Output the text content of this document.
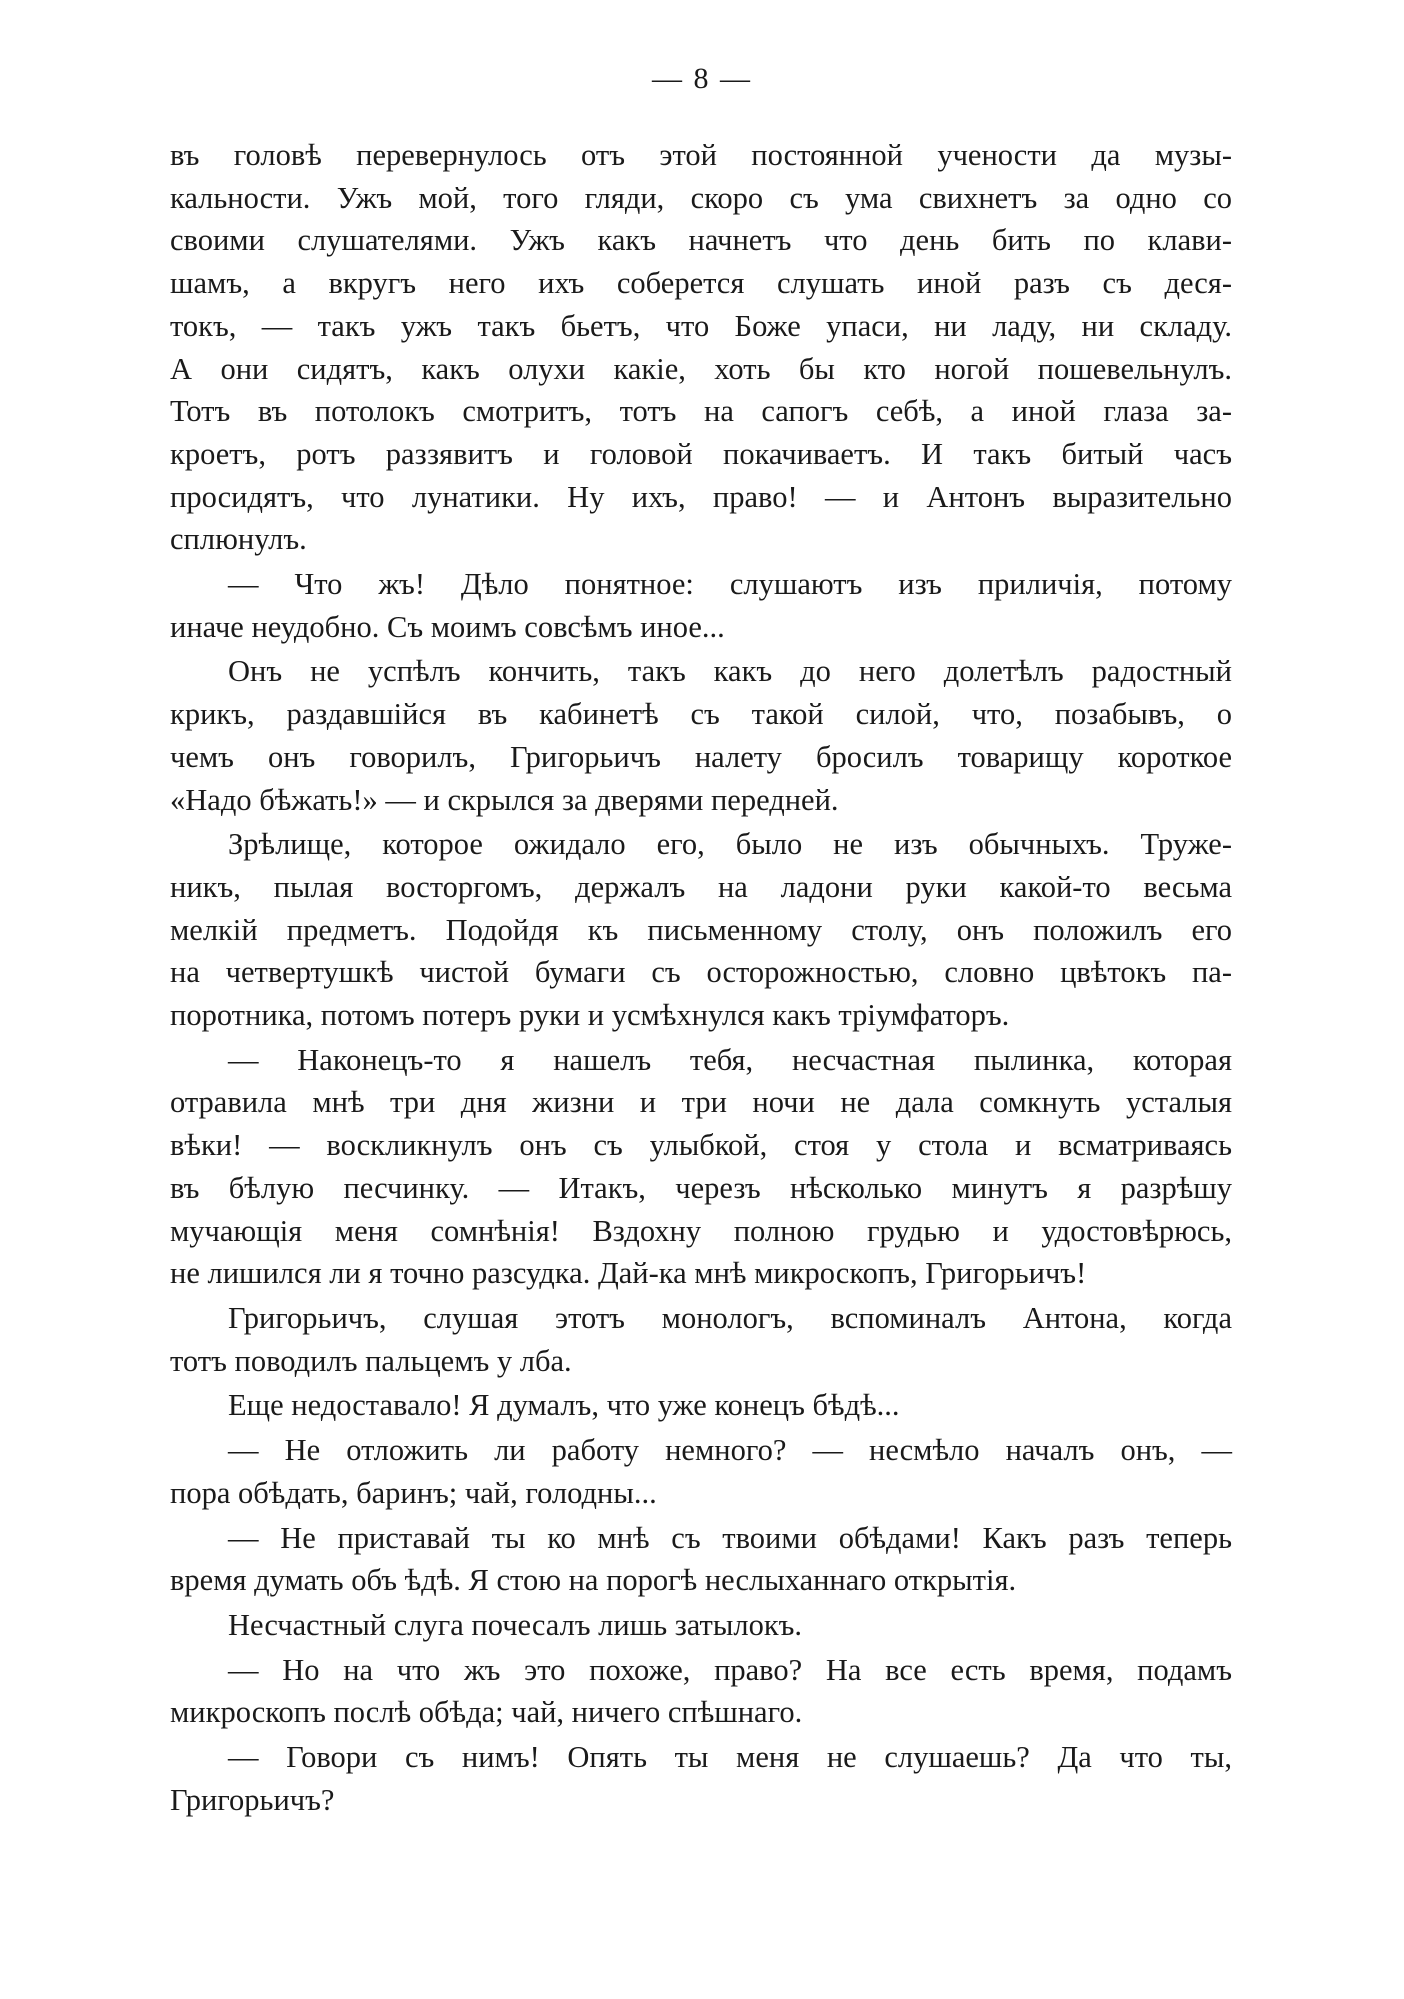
— 8 —
въ головѣ перевернулось отъ этой постоянной учености да музы-
кальности. Ужъ мой, того гляди, скоро съ ума свихнетъ за одно со
своими слушателями. Ужъ какъ начнетъ что день бить по клави-
шамъ, а вкругъ него ихъ соберется слушать иной разъ съ деся-
токъ, — такъ ужъ такъ бьетъ, что Боже упаси, ни ладу, ни складу.
А они сидятъ, какъ олухи какіе, хоть бы кто ногой пошевельнулъ.
Тотъ въ потолокъ смотритъ, тотъ на сапогъ себѣ, а иной глаза за-
кроетъ, ротъ раззявитъ и головой покачиваетъ. И такъ битый часъ
просидятъ, что лунатики. Ну ихъ, право! — и Антонъ выразительно
сплюнулъ.
— Что жъ! Дѣло понятное: слушаютъ изъ приличія, потому
иначе неудобно. Съ моимъ совсѣмъ иное...
Онъ не успѣлъ кончить, такъ какъ до него долетѣлъ радостный
крикъ, раздавшійся въ кабинетѣ съ такой силой, что, позабывъ, о
чемъ онъ говорилъ, Григорьичъ налету бросилъ товарищу короткое
«Надо бѣжать!» — и скрылся за дверями передней.
Зрѣлище, которое ожидало его, было не изъ обычныхъ. Труже-
никъ, пылая восторгомъ, держалъ на ладони руки какой-то весьма
мелкій предметъ. Подойдя къ письменному столу, онъ положилъ его
на четвертушкѣ чистой бумаги съ осторожностью, словно цвѣтокъ па-
поротника, потомъ потеръ руки и усмѣхнулся какъ тріумфаторъ.
— Наконецъ-то я нашелъ тебя, несчастная пылинка, которая
отравила мнѣ три дня жизни и три ночи не дала сомкнуть усталыя
вѣки! — воскликнулъ онъ съ улыбкой, стоя у стола и всматриваясь
въ бѣлую песчинку. — Итакъ, черезъ нѣсколько минутъ я разрѣшу
мучающія меня сомнѣнія! Вздохну полною грудью и удостовѣрюсь,
не лишился ли я точно разсудка. Дай-ка мнѣ микроскопъ, Григорьичъ!
Григорьичъ, слушая этотъ монологъ, вспоминалъ Антона, когда
тотъ поводилъ пальцемъ у лба.
Еще недоставало! Я думалъ, что уже конецъ бѣдѣ...
— Не отложить ли работу немного? — несмѣло началъ онъ, —
пора обѣдать, баринъ; чай, голодны...
— Не приставай ты ко мнѣ съ твоими обѣдами! Какъ разъ теперь
время думать объ ѣдѣ. Я стою на порогѣ неслыханнаго открытія.
Несчастный слуга почесалъ лишь затылокъ.
— Но на что жъ это похоже, право? На все есть время, подамъ
микроскопъ послѣ обѣда; чай, ничего спѣшнаго.
— Говори съ нимъ! Опять ты меня не слушаешь? Да что ты,
Григорьичъ?
